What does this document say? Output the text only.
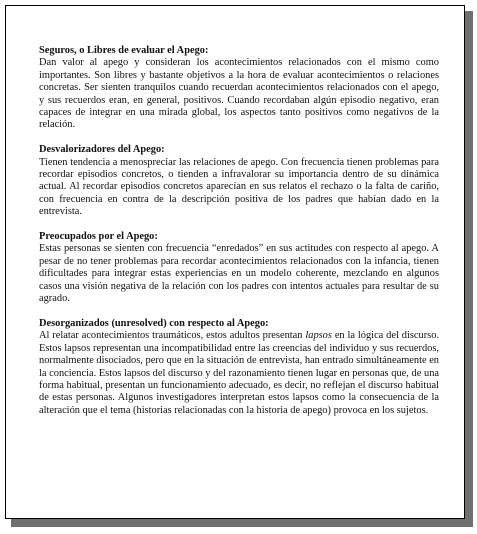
Seguros, o Libres de evaluar el Apego:
Dan valor al apego y consideran los acontecimientos relacionados con el mismo como importantes. Son libres y bastante objetivos a la hora de evaluar acontecimientos o relaciones concretas. Ser sienten tranquilos cuando recuerdan acontecimientos relacionados con el apego, y sus recuerdos eran, en general, positivos. Cuando recordaban algún episodio negativo, eran capaces de integrar en una mirada global, los aspectos tanto positivos como negativos de la relación.
Desvalorizadores del Apego:
Tienen tendencia a menospreciar las relaciones de apego. Con frecuencia tienen problemas para recordar episodios concretos, o tienden a infravalorar su importancia dentro de su dinámica actual. Al recordar episodios concretos aparecían en sus relatos el rechazo o la falta de cariño, con frecuencia en contra de la descripción positiva de los padres que habían dado en la entrevista.
Preocupados por el Apego:
Estas personas se sienten con frecuencia “enredados” en sus actitudes con respecto al apego. A pesar de no tener problemas para recordar acontecimientos relacionados con la infancia, tienen dificultades para integrar estas experiencias en un modelo coherente, mezclando en algunos casos una visión negativa de la relación con los padres con intentos actuales para resultar de su agrado.
Desorganizados (unresolved) con respecto al Apego:
Al relatar acontecimientos traumáticos, estos adultos presentan lapsos en la lógica del discurso. Estos lapsos representan una incompatibilidad entre las creencias del individuo y sus recuerdos, normalmente disociados, pero que en la situación de entrevista, han entrado simultáneamente en la conciencia. Estos lapsos del discurso y del razonamiento tienen lugar en personas que, de una forma habitual, presentan un funcionamiento adecuado, es decir, no reflejan el discurso habitual de estas personas. Algunos investigadores interpretan estos lapsos como la consecuencia de la alteración que el tema (historias relacionadas con la historia de apego) provoca en los sujetos.
